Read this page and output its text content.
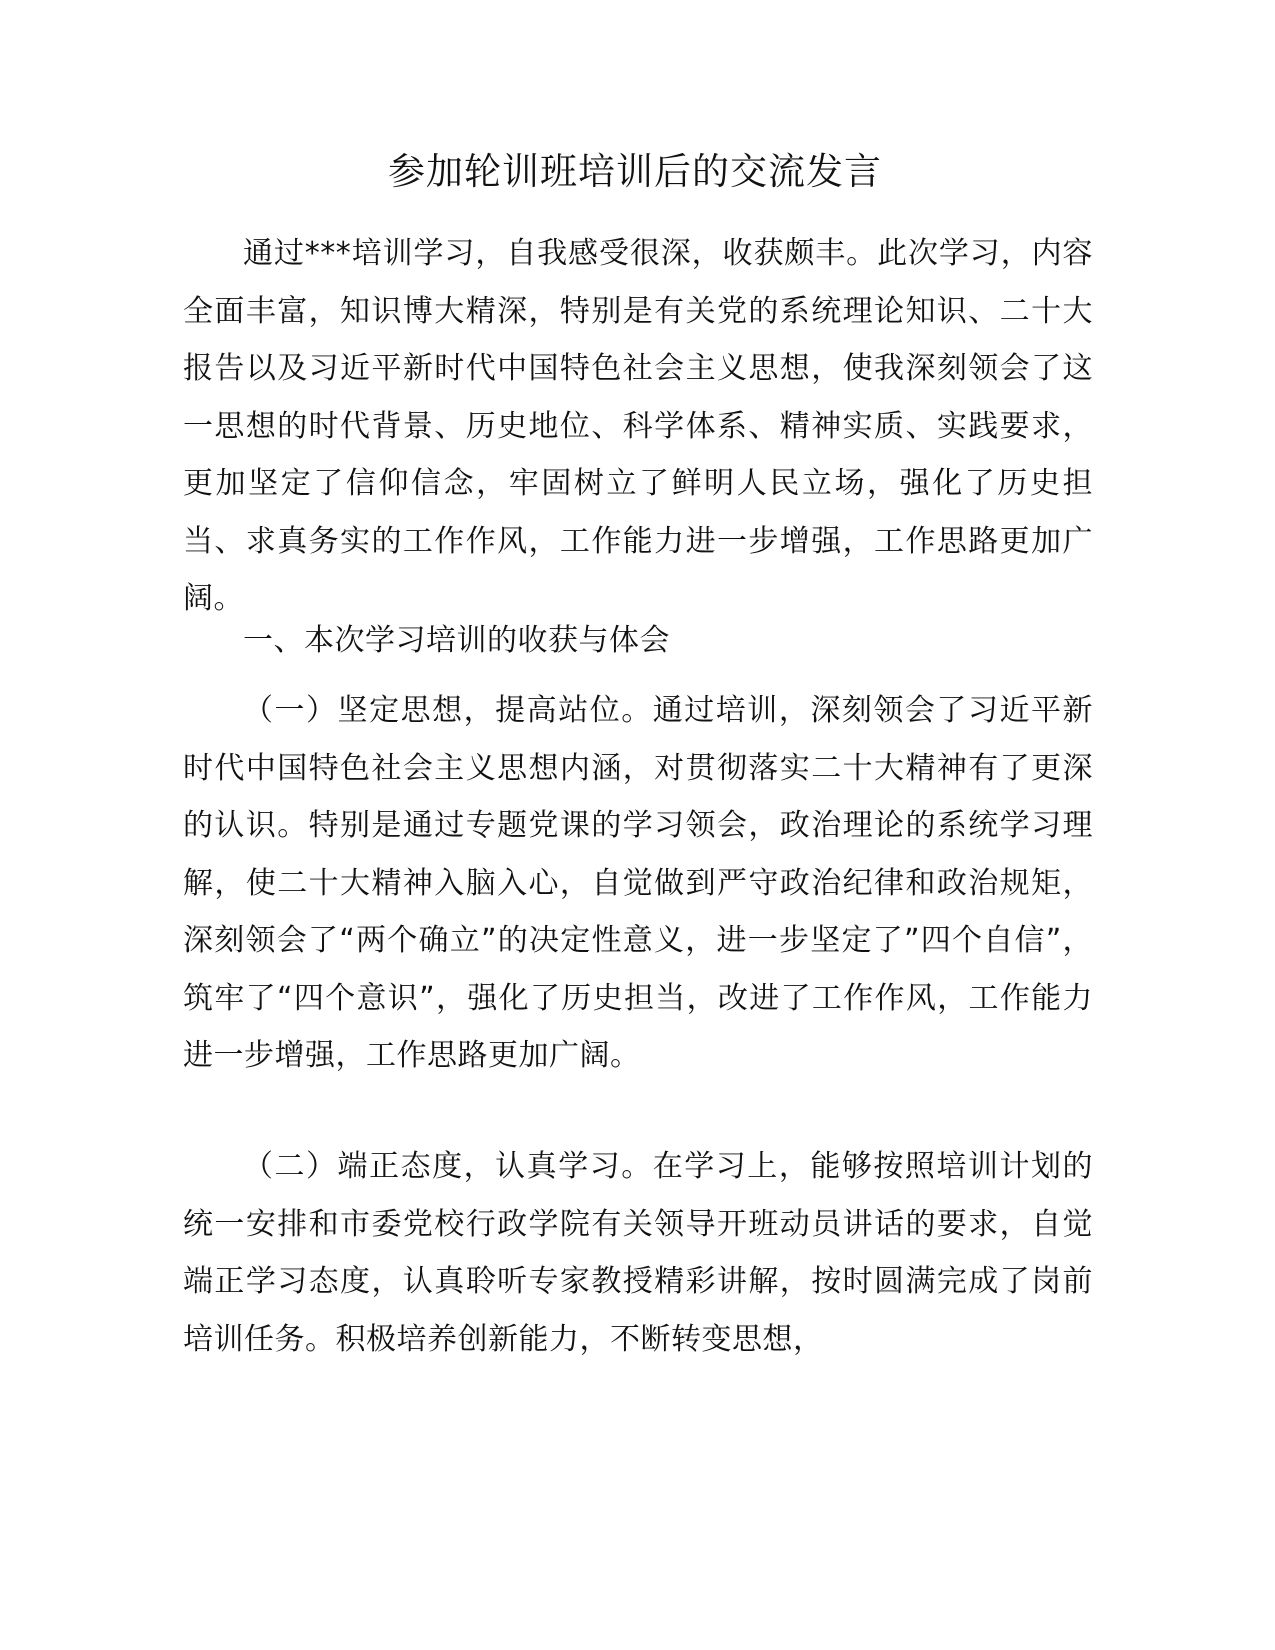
参加轮训班培训后的交流发言

通过***培训学习，自我感受很深，收获颇丰。此次学习，内容全面丰富，知识博大精深，特别是有关党的系统理论知识、二十大报告以及习近平新时代中国特色社会主义思想，使我深刻领会了这一思想的时代背景、历史地位、科学体系、精神实质、实践要求，更加坚定了信仰信念，牢固树立了鲜明人民立场，强化了历史担当、求真务实的工作作风，工作能力进一步增强，工作思路更加广阔。

一、本次学习培训的收获与体会

（一）坚定思想，提高站位。通过培训，深刻领会了习近平新时代中国特色社会主义思想内涵，对贯彻落实二十大精神有了更深的认识。特别是通过专题党课的学习领会，政治理论的系统学习理解，使二十大精神入脑入心，自觉做到严守政治纪律和政治规矩，深刻领会了“两个确立”的决定性意义，进一步坚定了”四个自信”，筑牢了“四个意识”，强化了历史担当，改进了工作作风，工作能力进一步增强，工作思路更加广阔。

（二）端正态度，认真学习。在学习上，能够按照培训计划的统一安排和市委党校行政学院有关领导开班动员讲话的要求，自觉端正学习态度，认真聆听专家教授精彩讲解，按时圆满完成了岗前培训任务。积极培养创新能力，不断转变思想，
